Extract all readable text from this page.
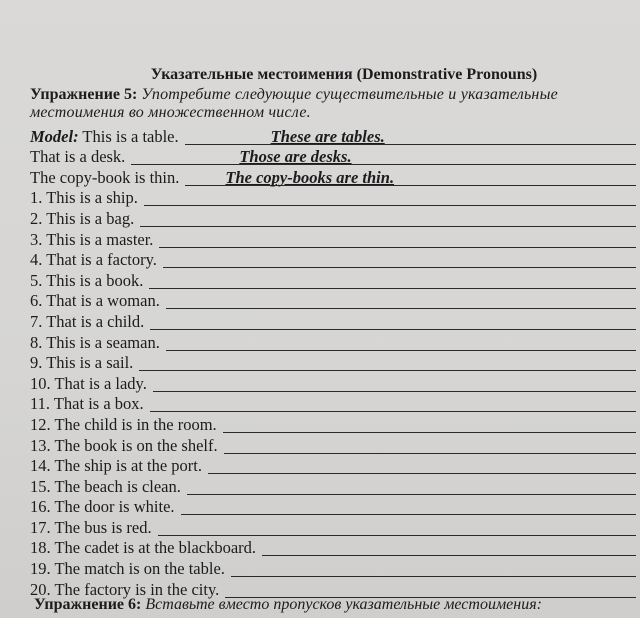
Указательные местоимения (Demonstrative Pronouns)
Упражнение 5: Употребите следующие существительные и указательные местоимения во множественном числе.
Model: This is a table.	These are tables.
That is a desk.	Those are desks.
The copy-book is thin.	The copy-books are thin.
1. This is a ship.
2. This is a bag.
3. This is a master.
4. That is a factory.
5. This is a book.
6. That is a woman.
7. That is a child.
8. This is a seaman.
9. This is a sail.
10. That is a lady.
11. That is a box.
12. The child is in the room.
13. The book is on the shelf.
14. The ship is at the port.
15. The beach is clean.
16. The door is white.
17. The bus is red.
18. The cadet is at the blackboard.
19. The match is on the table.
20. The factory is in the city.
Упражнение 6: Вставьте вместо пропусков указательные местоимения:
